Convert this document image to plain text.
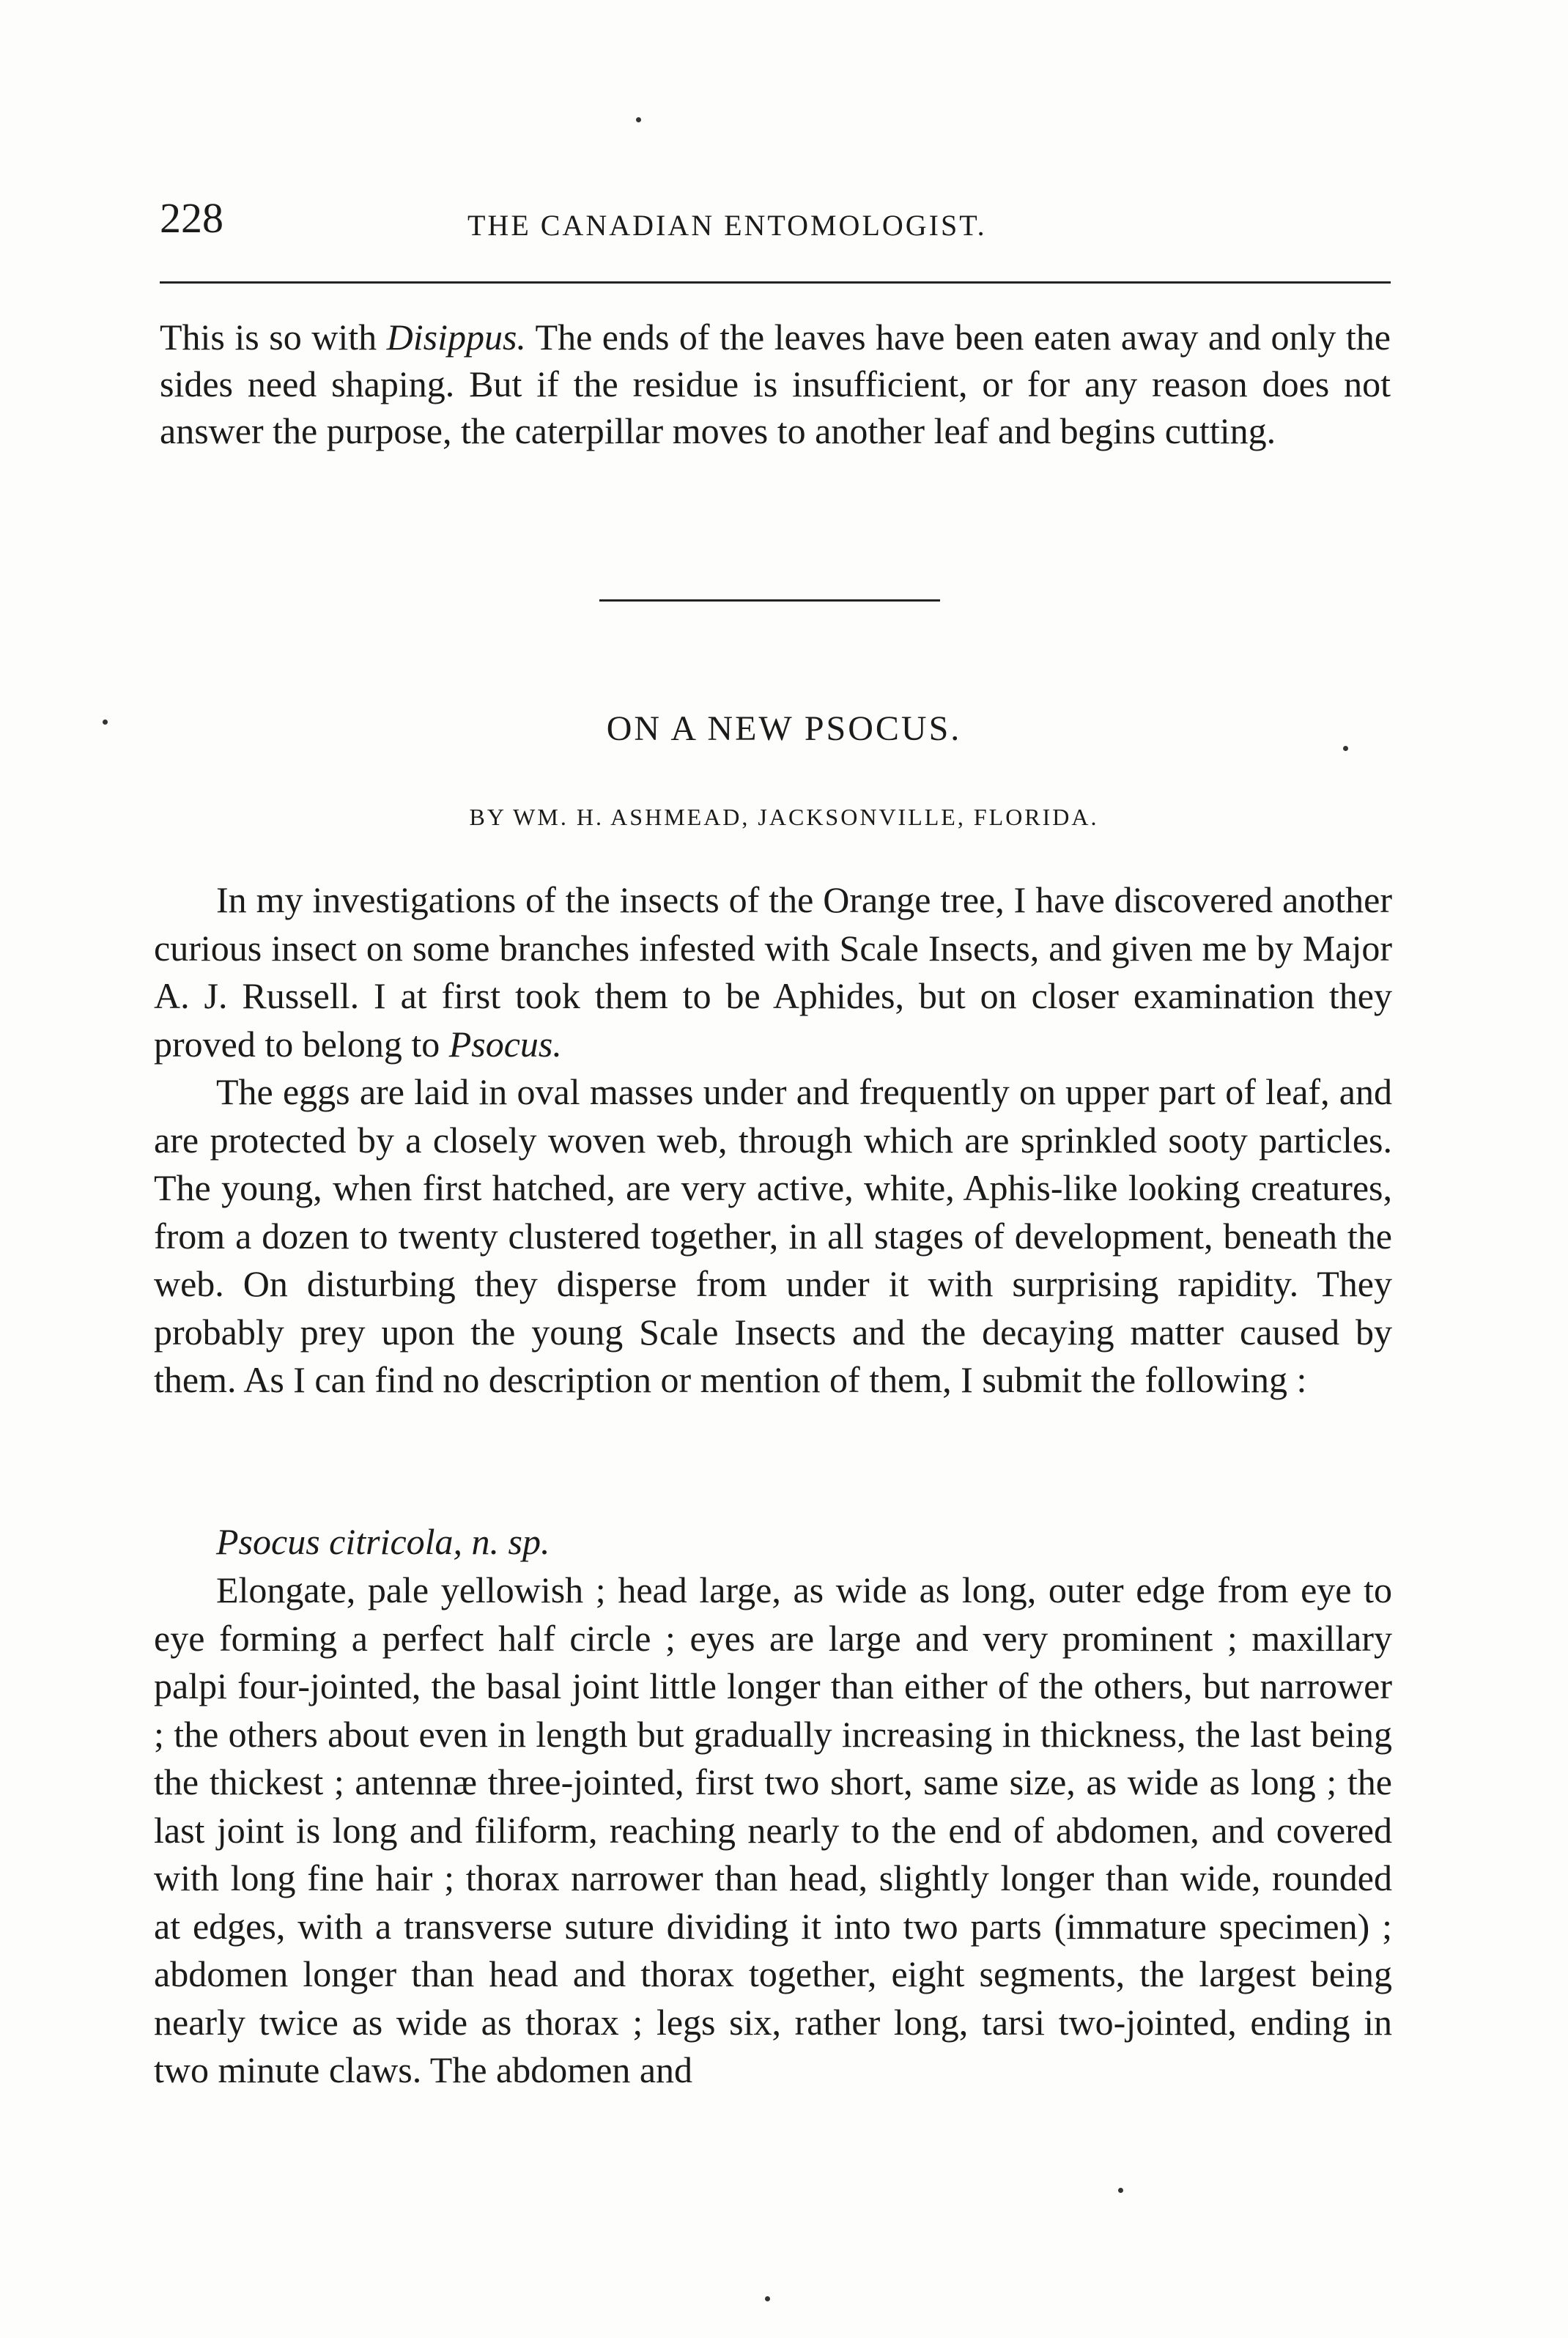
228	THE CANADIAN ENTOMOLOGIST.
This is so with Disippus. The ends of the leaves have been eaten away and only the sides need shaping. But if the residue is insufficient, or for any reason does not answer the purpose, the caterpillar moves to another leaf and begins cutting.
ON A NEW PSOCUS.
BY WM. H. ASHMEAD, JACKSONVILLE, FLORIDA.

In my investigations of the insects of the Orange tree, I have discovered another curious insect on some branches infested with Scale Insects, and given me by Major A. J. Russell. I at first took them to be Aphides, but on closer examination they proved to belong to Psocus.

The eggs are laid in oval masses under and frequently on upper part of leaf, and are protected by a closely woven web, through which are sprinkled sooty particles. The young, when first hatched, are very active, white, Aphis-like looking creatures, from a dozen to twenty clustered together, in all stages of development, beneath the web. On disturbing they disperse from under it with surprising rapidity. They probably prey upon the young Scale Insects and the decaying matter caused by them. As I can find no description or mention of them, I submit the following :

Psocus citricola, n. sp.

Elongate, pale yellowish ; head large, as wide as long, outer edge from eye to eye forming a perfect half circle ; eyes are large and very prominent ; maxillary palpi four-jointed, the basal joint little longer than either of the others, but narrower ; the others about even in length but gradually increasing in thickness, the last being the thickest ; antennæ three-jointed, first two short, same size, as wide as long ; the last joint is long and filiform, reaching nearly to the end of abdomen, and covered with long fine hair ; thorax narrower than head, slightly longer than wide, rounded at edges, with a transverse suture dividing it into two parts (immature specimen) ; abdomen longer than head and thorax together, eight segments, the largest being nearly twice as wide as thorax ; legs six, rather long, tarsi two-jointed, ending in two minute claws. The abdomen and
